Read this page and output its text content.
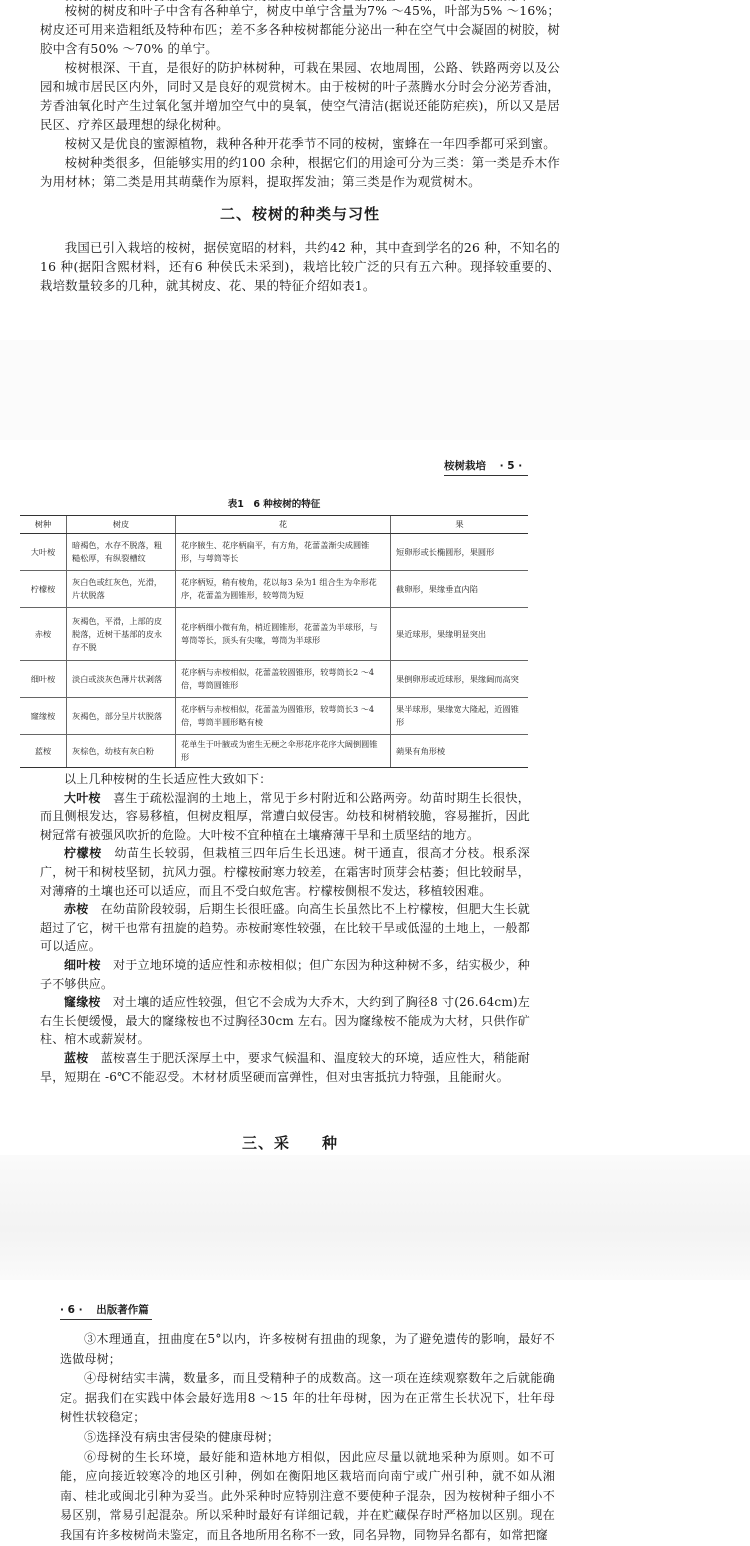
桉树的树皮和叶子中含有各种单宁，树皮中单宁含量为7% ～45%，叶部为5% ～16%；树皮还可用来造粗纸及特种布匹；差不多各种桉树都能分泌出一种在空气中会凝固的树胶，树胶中含有50% ～70% 的单宁。

桉树根深、干直，是很好的防护林树种，可栽在果园、农地周围，公路、铁路两旁以及公园和城市居民区内外，同时又是良好的观赏树木。由于桉树的叶子蒸腾水分时会分泌芳香油，芳香油氧化时产生过氧化氢并增加空气中的臭氧，使空气清洁(据说还能防疟疾)，所以又是居民区、疗养区最理想的绿化树种。

桉树又是优良的蜜源植物，栽种各种开花季节不同的桉树，蜜蜂在一年四季都可采到蜜。

桉树种类很多，但能够实用的约100 余种，根据它们的用途可分为三类：第一类是乔木作为用材林；第二类是用其萌蘖作为原料，提取挥发油；第三类是作为观赏树木。

二、桉树的种类与习性

我国已引入栽培的桉树，据侯宽昭的材料，共约42 种，其中查到学名的26 种，不知名的16 种(据阳含熙材料，还有6 种侯氏未采到)，栽培比较广泛的只有五六种。现择较重要的、栽培数量较多的几种，就其树皮、花、果的特征介绍如表1。

桉树栽培 · 5 ·
表1　6 种桉树的特征
树种	树皮	花	果
大叶桉	暗褐色，水存不脱落，粗糙松厚，有纵裂槽纹	花序腋生、花序柄扁平，有方角，花蕾盖渐尖成圆锥形，与萼筒等长	短卵形或长椭圆形，果圆形
柠檬桉	灰白色或红灰色，光滑，片状脱落	花序柄短，稍有棱角，花以每3 朵为1 组合生为伞形花序，花蕾盖为圆锥形，较萼筒为短	截卵形，果缘垂直内陷
赤桉	灰褐色，平滑，上部的皮脱落，近树干基部的皮永存不脱	花序柄细小微有角，梢近圆锥形，花蕾盖为半球形，与萼筒等长，顶头有尖喙，萼筒为半球形	果近球形，果缘明显突出
细叶桉	淡白或淡灰色薄片状剥落	花序柄与赤桉相似，花蕾盖较圆锥形，较萼筒长2 ～4 倍，萼筒圆锥形	果倒卵形或近球形，果缘阔而高突
窿缘桉	灰褐色，部分呈片状脱落	花序柄与赤桉相似，花蕾盖为圆锥形，较萼筒长3 ～4 倍，萼筒半圆形略有棱	果半球形，果缘宽大隆起，近圆锥形
蓝桉	灰棕色，幼枝有灰白粉	花单生于叶腋或为密生无梗之伞形花序花序大阔倒圆锥形	蒴果有角形棱

以上几种桉树的生长适应性大致如下：

大叶桉　 喜生于疏松湿润的土地上，常见于乡村附近和公路两旁。幼苗时期生长很快，而且侧根发达，容易移植，但树皮粗厚，常遭白蚁侵害。幼枝和树梢较脆，容易摧折，因此树冠常有被强风吹折的危险。大叶桉不宜种植在土壤瘠薄干旱和土质坚结的地方。

柠檬桉　 幼苗生长较弱，但栽植三四年后生长迅速。树干通直，很高才分枝。根系深广，树干和树枝坚韧，抗风力强。柠檬桉耐寒力较差，在霜害时顶芽会枯萎；但比较耐旱，对薄瘠的土壤也还可以适应，而且不受白蚁危害。柠檬桉侧根不发达，移植较困难。

赤桉　 在幼苗阶段较弱，后期生长很旺盛。向高生长虽然比不上柠檬桉，但肥大生长就超过了它，树干也常有扭旋的趋势。赤桉耐寒性较强，在比较干旱或低湿的土地上，一般都可以适应。

细叶桉　 对于立地环境的适应性和赤桉相似；但广东因为种这种树不多，结实极少，种子不够供应。

窿缘桉　 对土壤的适应性较强，但它不会成为大乔木，大约到了胸径8 寸(26.64cm)左右生长便缓慢，最大的窿缘桉也不过胸径30cm 左右。因为窿缘桉不能成为大材，只供作矿柱、棺木或薪炭材。

蓝桉　 蓝桉喜生于肥沃深厚土中，要求气候温和、温度较大的环境，适应性大，稍能耐旱，短期在 -6℃不能忍受。木材材质坚硬而富弹性，但对虫害抵抗力特强，且能耐火。

三、采　　种

· 6 · 出版著作篇

③木理通直，扭曲度在5°以内，许多桉树有扭曲的现象，为了避免遗传的影响，最好不选做母树；

④母树结实丰满，数量多，而且受精种子的成数高。这一项在连续观察数年之后就能确定。据我们在实践中体会最好选用8 ～15 年的壮年母树，因为在正常生长状况下，壮年母树性状较稳定；

⑤选择没有病虫害侵染的健康母树；

⑥母树的生长环境，最好能和造林地方相似，因此应尽量以就地采种为原则。如不可能，应向接近较寒冷的地区引种，例如在衡阳地区栽培而向南宁或广州引种，就不如从湘南、桂北或闽北引种为妥当。此外采种时应特别注意不要使种子混杂，因为桉树种子细小不易区别，常易引起混杂。所以采种时最好有详细记载，并在贮藏保存时严格加以区别。现在我国有许多桉树尚未鉴定，而且各地所用名称不一致，同名异物，同物异名都有，如常把窿
